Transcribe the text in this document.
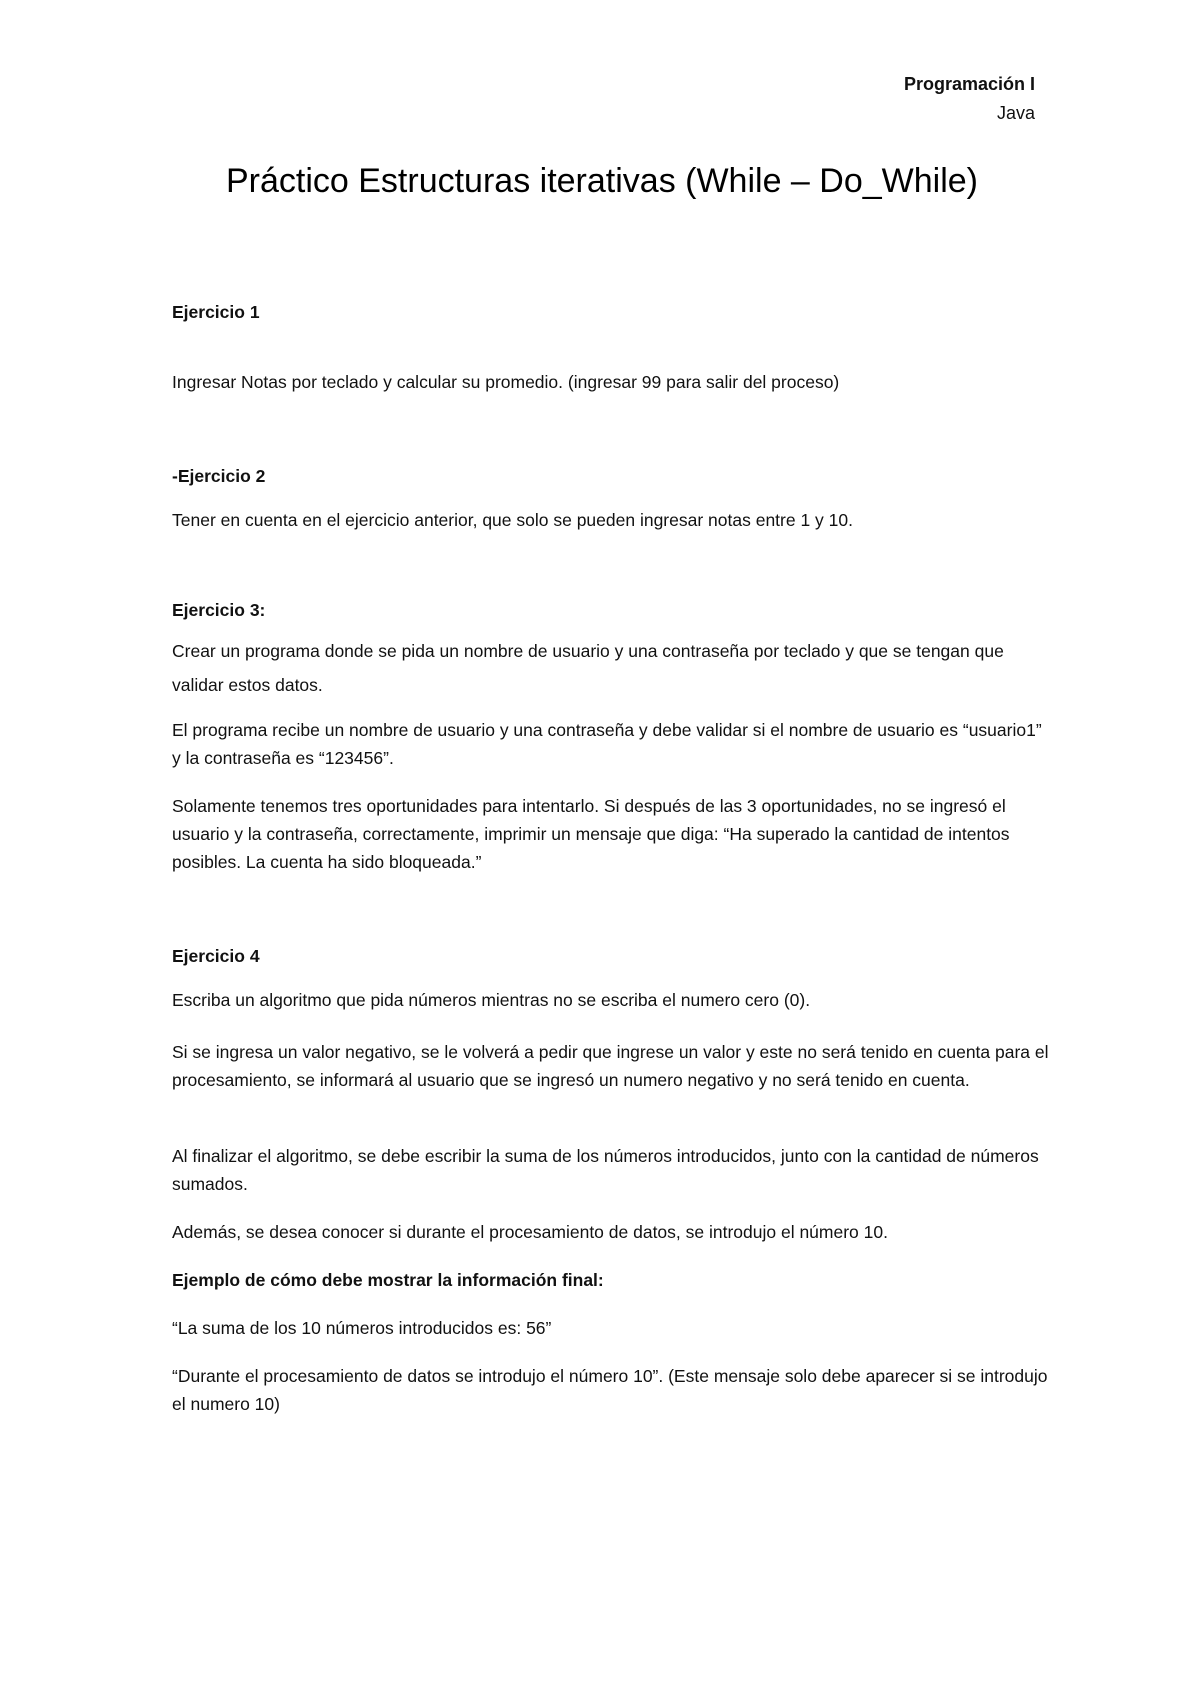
Programación I
Java
Práctico Estructuras iterativas (While – Do_While)

Ejercicio 1

Ingresar Notas por teclado y calcular su promedio. (ingresar 99 para salir del proceso)

-Ejercicio 2

Tener en cuenta en el ejercicio anterior, que solo se pueden ingresar notas entre 1 y 10.

Ejercicio 3:

Crear un programa donde se pida un nombre de usuario y una contraseña por teclado y que se tengan que validar estos datos.

El programa recibe un nombre de usuario y una contraseña y debe validar si el nombre de usuario es “usuario1” y la contraseña es “123456”.

Solamente tenemos tres oportunidades para intentarlo. Si después de las 3 oportunidades, no se ingresó el usuario y la contraseña, correctamente, imprimir un mensaje que diga: “Ha superado la cantidad de intentos posibles. La cuenta ha sido bloqueada.”

Ejercicio 4

Escriba un algoritmo que pida números mientras no se escriba el numero cero (0).

Si se ingresa un valor negativo, se le volverá a pedir que ingrese un valor y este no será tenido en cuenta para el procesamiento, se informará al usuario que se ingresó un numero negativo y no será tenido en cuenta.

Al finalizar el algoritmo, se debe escribir la suma de los números introducidos, junto con la cantidad de números sumados.

Además, se desea conocer si durante el procesamiento de datos, se introdujo el número 10.

Ejemplo de cómo debe mostrar la información final:

“La suma de los 10 números introducidos es: 56”

“Durante el procesamiento de datos se introdujo el número 10”. (Este mensaje solo debe aparecer si se introdujo el numero 10)
